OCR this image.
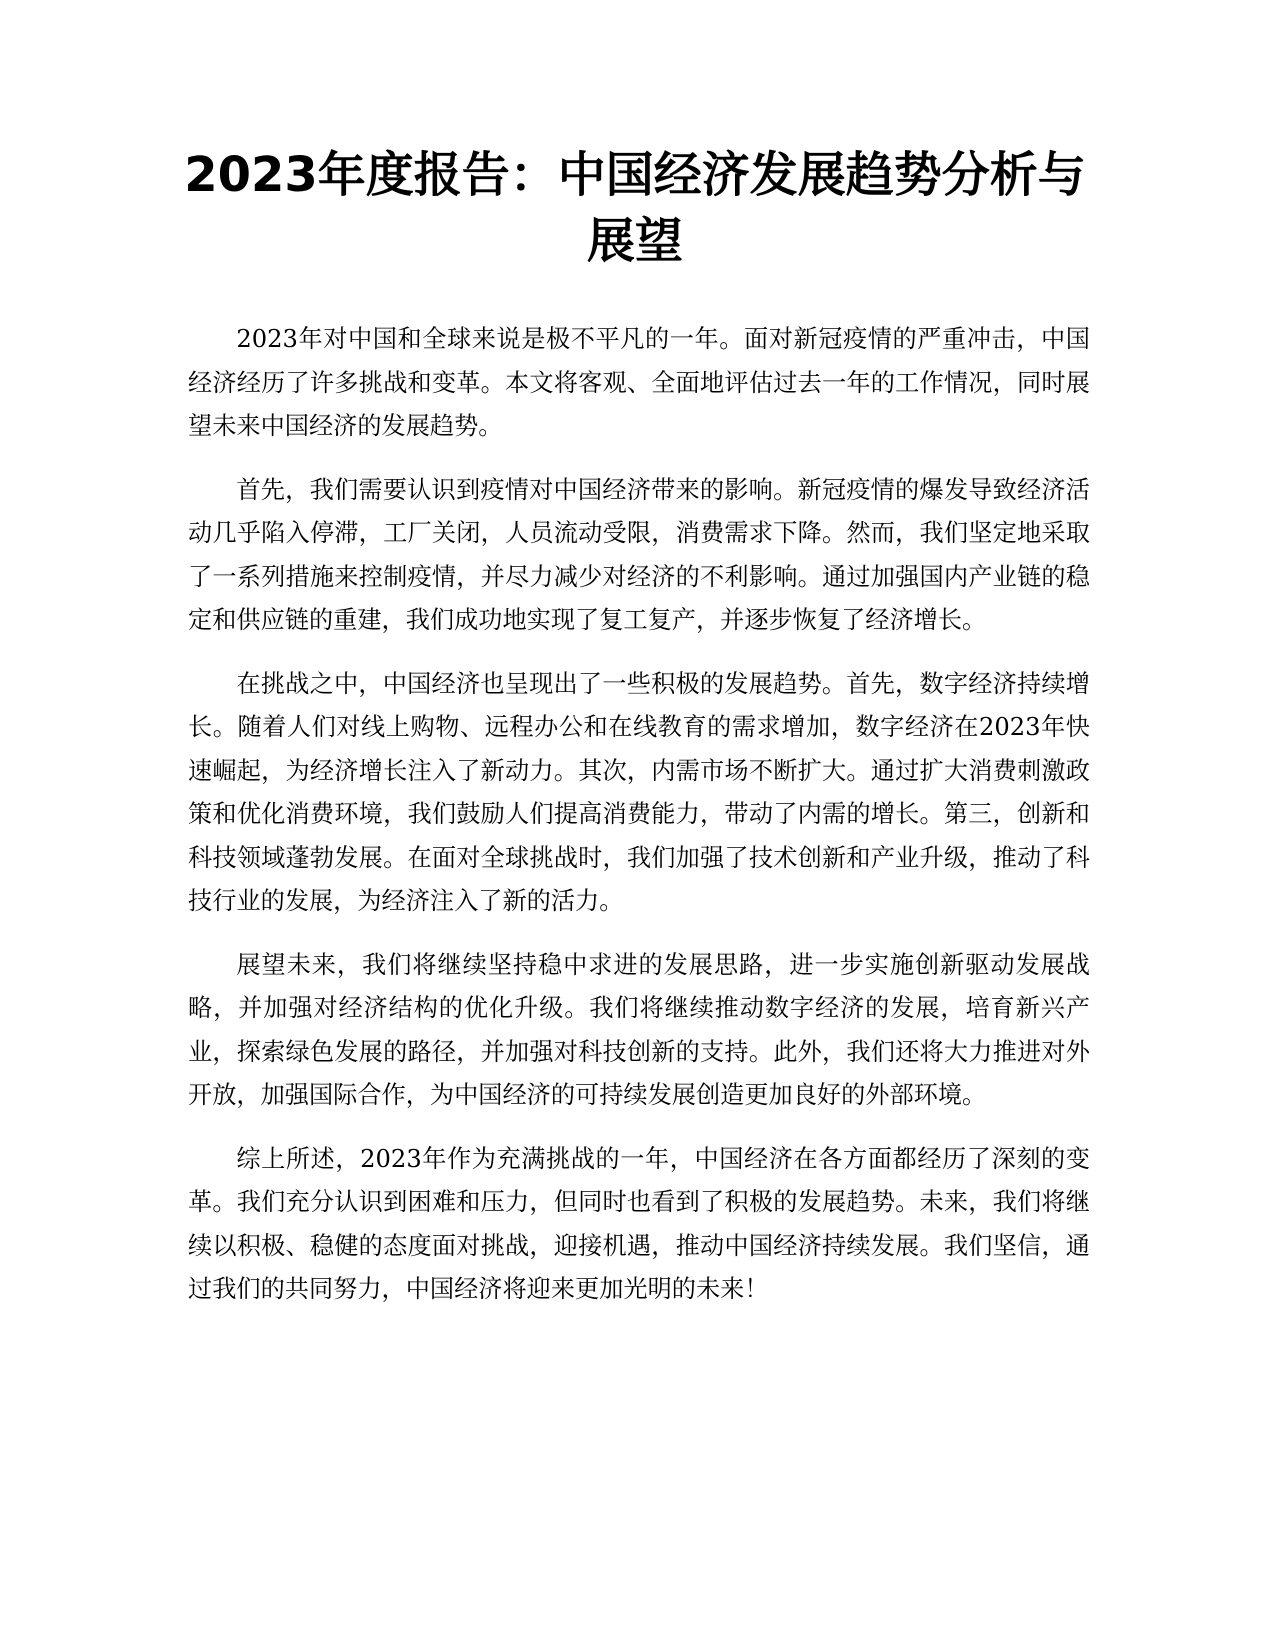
2023年度报告：中国经济发展趋势分析与展望

2023年对中国和全球来说是极不平凡的一年。面对新冠疫情的严重冲击，中国经济经历了许多挑战和变革。本文将客观、全面地评估过去一年的工作情况，同时展望未来中国经济的发展趋势。

首先，我们需要认识到疫情对中国经济带来的影响。新冠疫情的爆发导致经济活动几乎陷入停滞，工厂关闭，人员流动受限，消费需求下降。然而，我们坚定地采取了一系列措施来控制疫情，并尽力减少对经济的不利影响。通过加强国内产业链的稳定和供应链的重建，我们成功地实现了复工复产，并逐步恢复了经济增长。

在挑战之中，中国经济也呈现出了一些积极的发展趋势。首先，数字经济持续增长。随着人们对线上购物、远程办公和在线教育的需求增加，数字经济在2023年快速崛起，为经济增长注入了新动力。其次，内需市场不断扩大。通过扩大消费刺激政策和优化消费环境，我们鼓励人们提高消费能力，带动了内需的增长。第三，创新和科技领域蓬勃发展。在面对全球挑战时，我们加强了技术创新和产业升级，推动了科技行业的发展，为经济注入了新的活力。

展望未来，我们将继续坚持稳中求进的发展思路，进一步实施创新驱动发展战略，并加强对经济结构的优化升级。我们将继续推动数字经济的发展，培育新兴产业，探索绿色发展的路径，并加强对科技创新的支持。此外，我们还将大力推进对外开放，加强国际合作，为中国经济的可持续发展创造更加良好的外部环境。

综上所述，2023年作为充满挑战的一年，中国经济在各方面都经历了深刻的变革。我们充分认识到困难和压力，但同时也看到了积极的发展趋势。未来，我们将继续以积极、稳健的态度面对挑战，迎接机遇，推动中国经济持续发展。我们坚信，通过我们的共同努力，中国经济将迎来更加光明的未来！
